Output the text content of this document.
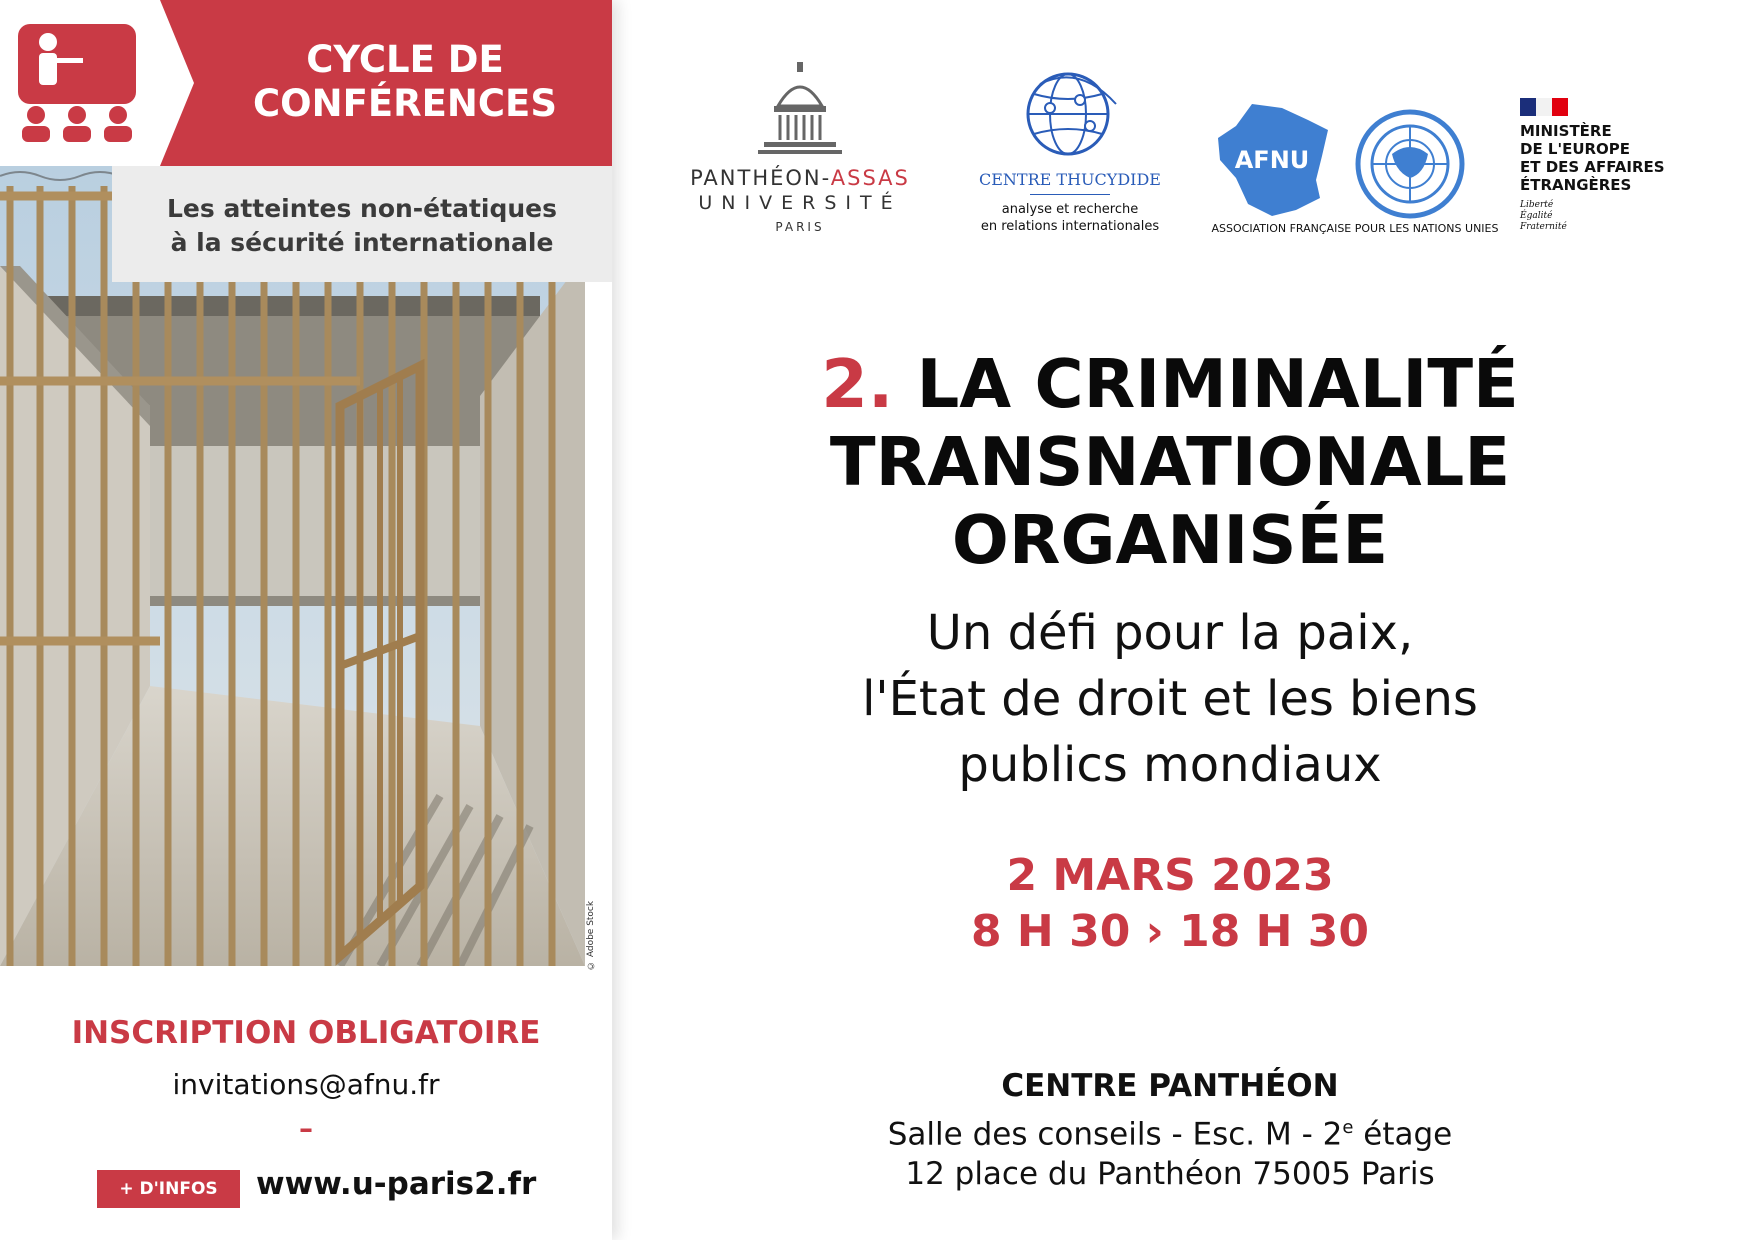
© Adobe Stock
CYCLE DE
CONFÉRENCES
Les atteintes non-étatiques
à la sécurité internationale
INSCRIPTION OBLIGATOIRE
invitations@afnu.fr
–
+ D'INFOS	www.u-paris2.fr
PANTHÉON-ASSAS
UNIVERSITÉ
PARIS
CENTRE THUCYDIDE
analyse et recherche
en relations internationales
AFNU
ASSOCIATION FRANÇAISE POUR LES NATIONS UNIES
MINISTÈRE
DE L'EUROPE
ET DES AFFAIRES
ÉTRANGÈRES
Liberté
Égalité
Fraternité
2. LA CRIMINALITÉ
TRANSNATIONALE
ORGANISÉE
Un défi pour la paix,
l'État de droit et les biens
publics mondiaux
2 MARS 2023
8 H 30 › 18 H 30
CENTRE PANTHÉON
Salle des conseils - Esc. M - 2e étage
12 place du Panthéon 75005 Paris
